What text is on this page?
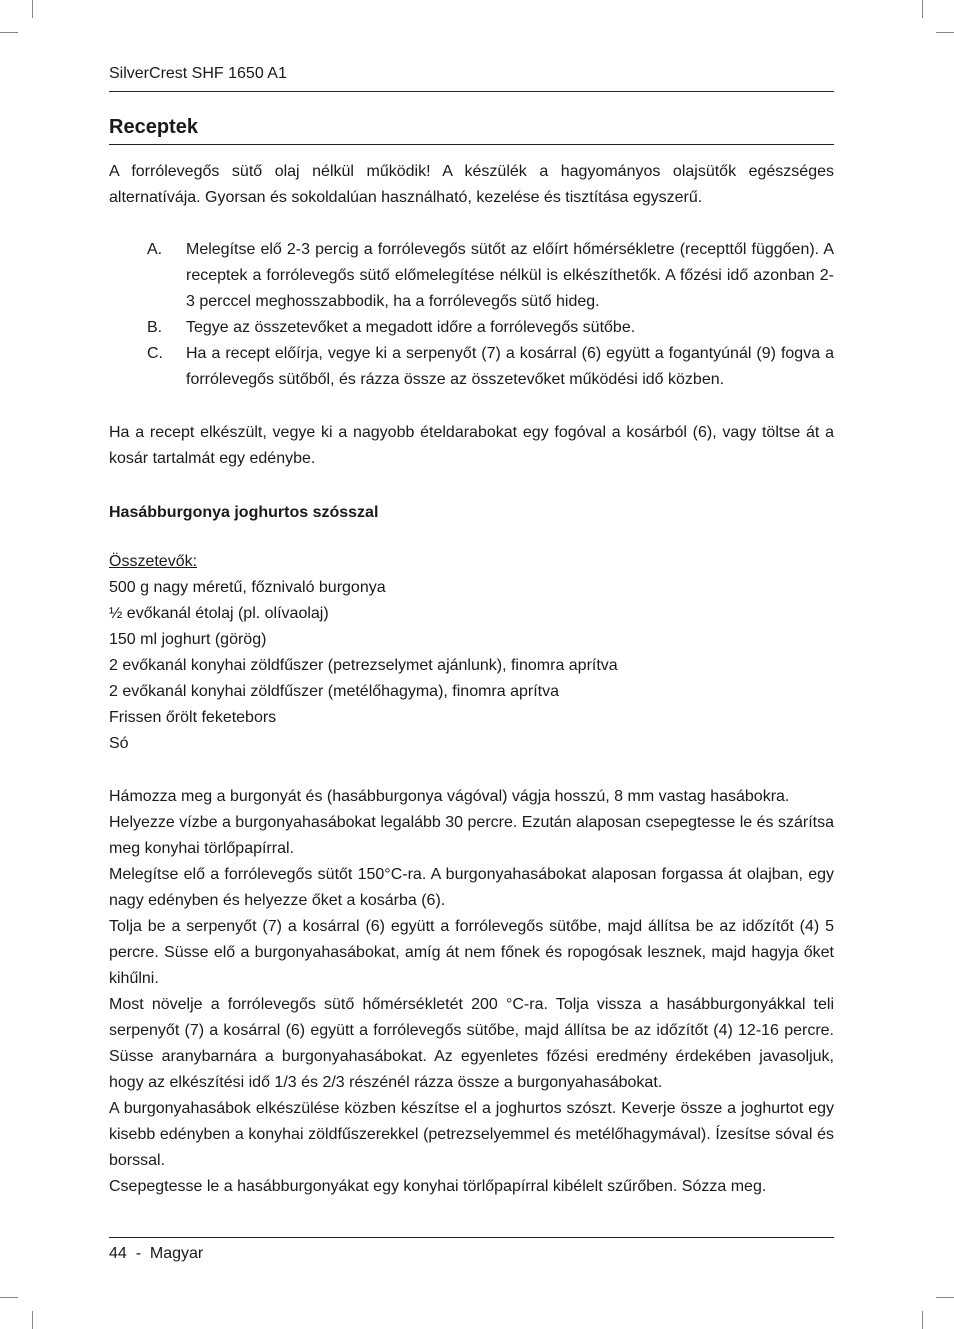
SilverCrest SHF 1650 A1
Receptek
A forrólevegős sütő olaj nélkül működik! A készülék a hagyományos olajsütők egészséges alternatívája. Gyorsan és sokoldalúan használható, kezelése és tisztítása egyszerű.
A. Melegítse elő 2-3 percig a forrólevegős sütőt az előírt hőmérsékletre (recepttől függően). A receptek a forrólevegős sütő előmelegítése nélkül is elkészíthetők. A főzési idő azonban 2-3 perccel meghosszabbodik, ha a forrólevegős sütő hideg.
B. Tegye az összetevőket a megadott időre a forrólevegős sütőbe.
C. Ha a recept előírja, vegye ki a serpenyőt (7) a kosárral (6) együtt a fogantyúnál (9) fogva a forrólevegős sütőből, és rázza össze az összetevőket működési idő közben.
Ha a recept elkészült, vegye ki a nagyobb ételdarabokat egy fogóval a kosárból (6), vagy töltse át a kosár tartalmát egy edénybe.
Hasábburgonya joghurtos szósszal
Összetevők:
500 g nagy méretű, főznivaló burgonya
½ evőkanál étolaj (pl. olívaolaj)
150 ml joghurt (görög)
2 evőkanál konyhai zöldfűszer (petrezselymet ajánlunk), finomra aprítva
2 evőkanál konyhai zöldfűszer (metélőhagyma), finomra aprítva
Frissen őrölt feketebors
Só
Hámozza meg a burgonyát és (hasábburgonya vágóval) vágja hosszú, 8 mm vastag hasábokra.
Helyezze vízbe a burgonyahasábokat legalább 30 percre. Ezután alaposan csepegtesse le és szárítsa meg konyhai törlőpapírral.
Melegítse elő a forrólevegős sütőt 150°C-ra. A burgonyahasábokat alaposan forgassa át olajban, egy nagy edényben és helyezze őket a kosárba (6).
Tolja be a serpenyőt (7) a kosárral (6) együtt a forrólevegős sütőbe, majd állítsa be az időzítőt (4) 5 percre. Süsse elő a burgonyahasábokat, amíg át nem főnek és ropogósak lesznek, majd hagyja őket kihűlni.
Most növelje a forrólevegős sütő hőmérsékletét 200 °C-ra. Tolja vissza a hasábburgonyákkal teli serpenyőt (7) a kosárral (6) együtt a forrólevegős sütőbe, majd állítsa be az időzítőt (4) 12-16 percre. Süsse aranybarnára a burgonyahasábokat. Az egyenletes főzési eredmény érdekében javasoljuk, hogy az elkészítési idő 1/3 és 2/3 részénél rázza össze a burgonyahasábokat.
A burgonyahasábok elkészülése közben készítse el a joghurtos szószt. Keverje össze a joghurtot egy kisebb edényben a konyhai zöldfűszerekkel (petrezselyemmel és metélőhagymával). Ízesítse sóval és borssal.
Csepegtesse le a hasábburgonyákat egy konyhai törlőpapírral kibélelt szűrőben. Sózza meg.
44  -  Magyar
